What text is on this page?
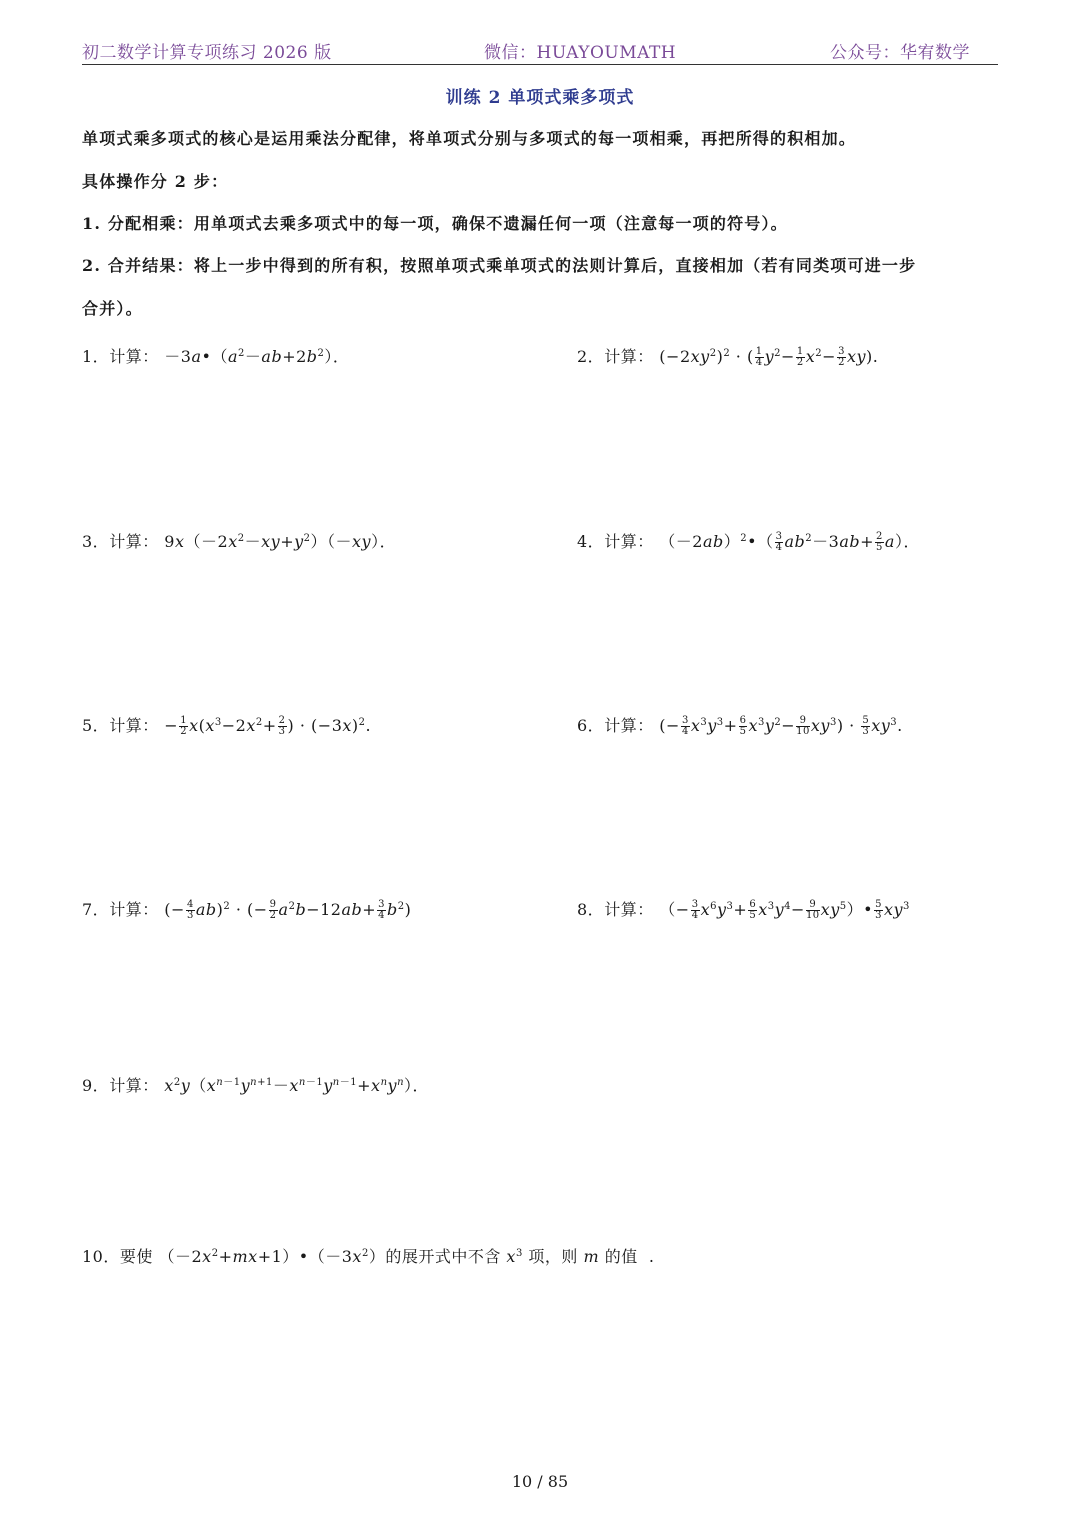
初二数学计算专项练习 2026 版	微信：HUAYOUMATH	公众号：华宥数学
训练 2 单项式乘多项式
单项式乘多项式的核心是运用乘法分配律，将单项式分别与多项式的每一项相乘，再把所得的积相加。
具体操作分 2 步：
1. 分配相乘：用单项式去乘多项式中的每一项，确保不遗漏任何一项（注意每一项的符号）。
2. 合并结果：将上一步中得到的所有积，按照单项式乘单项式的法则计算后，直接相加（若有同类项可进一步
合并）。
1．计算： $-3a•(a^2-ab+2b^2)$．	2．计算： $(-2xy^2)^2$ · ( $\frac{1}{4} y^2- \frac{1}{2} x^2- \frac{3}{2} xy$).
3．计算： $9x(-2x^2-xy+y^2)(-xy)$．	4．计算： $(-2ab)^2•( \frac{3}{4} ab^2-3ab+ \frac{2}{5} a)$．
5．计算： − $\frac{1}{2} x(x^3-2x^2+ \frac{2}{3}$ ) · $(-3x)^2$.	6．计算： (− $\frac{3}{4} x^3y^3+ \frac{6}{5} x^3y^2- \frac{9}{10} xy^3) \cdot \frac{5}{3} xy^3$.
7．计算： (− $\frac{4}{3} ab)^2$ · (− $\frac{9}{2} a^2b-12ab+ \frac{3}{4} b^2$)	8．计算： （− $\frac{3}{4} x^6y^3+ \frac{6}{5} x^3y^4- \frac{9}{10}$ $xy^5)• \frac{5}{3} xy^3$
9．计算： $x^2y(x^{n-1}y^{n+1}-x^{n-1}y^{n-1}+x^ny^n)$．
10．要使 $(-2x^2+mx+1)•(-3x^2)$的展开式中不含 $x^3$ 项，则 m 的值  .
10 / 85
